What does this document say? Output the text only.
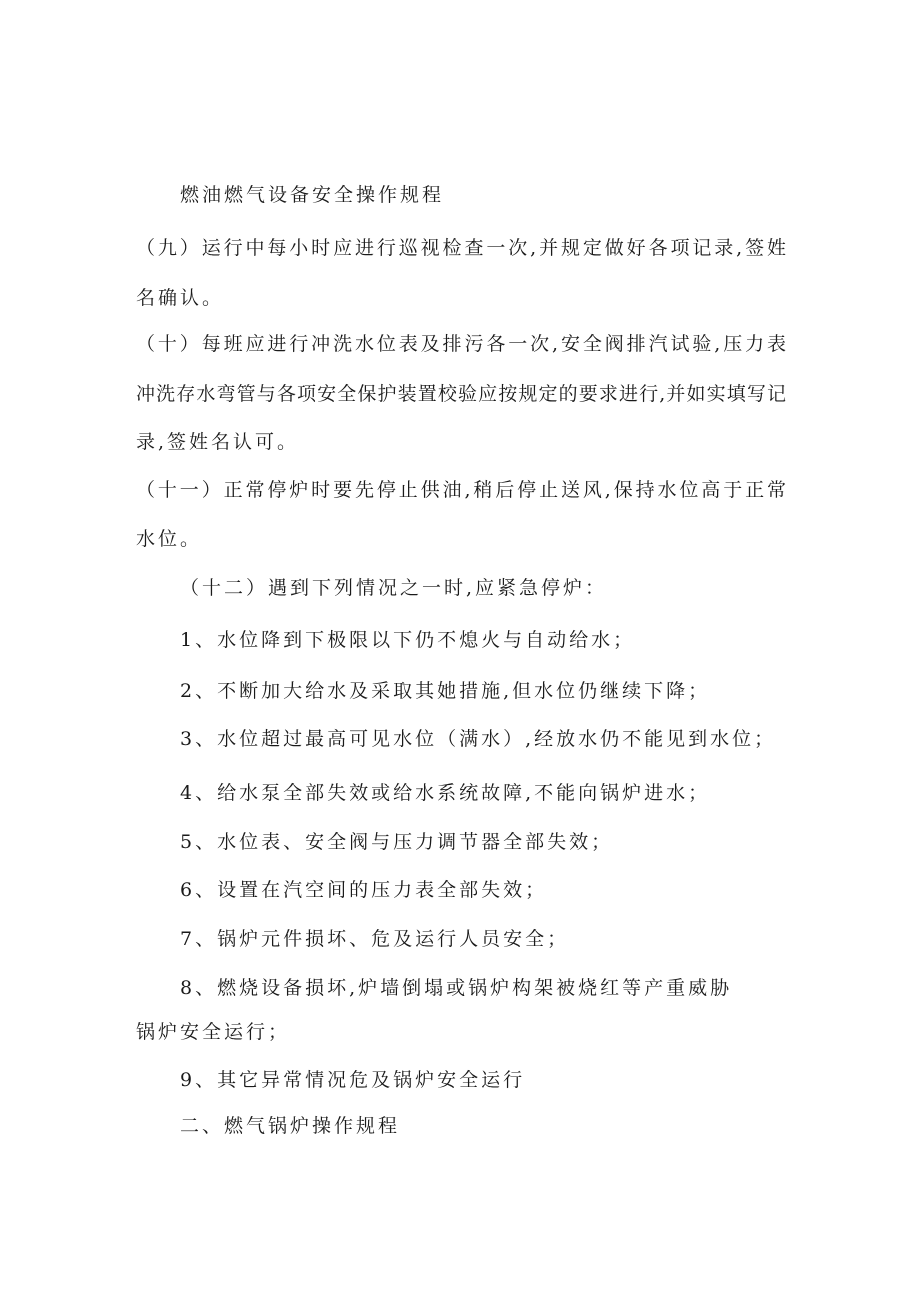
燃油燃气设备安全操作规程
（九）运行中每小时应进行巡视检查一次,并规定做好各项记录,签姓
名确认。
（十）每班应进行冲洗水位表及排污各一次,安全阀排汽试验,压力表
冲洗存水弯管与各项安全保护装置校验应按规定的要求进行,并如实填写记
录,签姓名认可。
（十一）正常停炉时要先停止供油,稍后停止送风,保持水位高于正常
水位。
（十二）遇到下列情况之一时,应紧急停炉：
1、水位降到下极限以下仍不熄火与自动给水；
2、不断加大给水及采取其她措施,但水位仍继续下降；
3、水位超过最高可见水位（满水）,经放水仍不能见到水位；
4、给水泵全部失效或给水系统故障,不能向锅炉进水；
5、水位表、安全阀与压力调节器全部失效；
6、设置在汽空间的压力表全部失效；
7、锅炉元件损坏、危及运行人员安全；
8、燃烧设备损坏,炉墙倒塌或锅炉构架被烧红等产重威胁
锅炉安全运行；
9、其它异常情况危及锅炉安全运行
二、燃气锅炉操作规程
